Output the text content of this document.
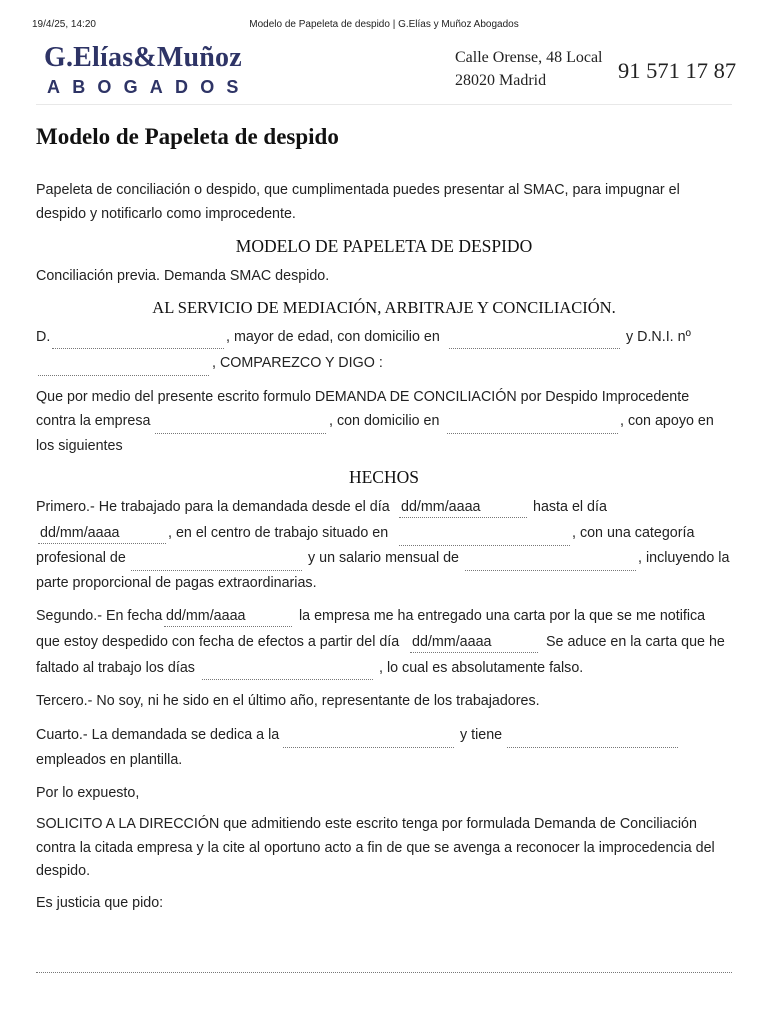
19/4/25, 14:20	Modelo de Papeleta de despido | G.Elías y Muñoz Abogados
G.Elías&Muñoz
ABOGADOS
Calle Orense, 48 Local
28020 Madrid	91 571 17 87
Modelo de Papeleta de despido
Papeleta de conciliación o despido, que cumplimentada puedes presentar al SMAC, para impugnar el
despido y notificarlo como improcedente.
MODELO DE PAPELETA DE DESPIDO
Conciliación previa. Demanda SMAC despido.
AL SERVICIO DE MEDIACIÓN, ARBITRAJE Y CONCILIACIÓN.
D.	, mayor de edad, con domicilio en	y D.N.I. nº
, COMPAREZCO Y DIGO :
Que por medio del presente escrito formulo DEMANDA DE CONCILIACIÓN por Despido Improcedente
contra la empresa	, con domicilio en	, con apoyo en
los siguientes
HECHOS
Primero.- He trabajado para la demandada desde el día dd/mm/aaaa	hasta el día
dd/mm/aaaa	, en el centro de trabajo situado en	, con una categoría
profesional de	y un salario mensual de	, incluyendo la
parte proporcional de pagas extraordinarias.
Segundo.- En fecha dd/mm/aaaa	la empresa me ha entregado una carta por la que se me notifica
que estoy despedido con fecha de efectos a partir del día dd/mm/aaaa	Se aduce en la carta que he
faltado al trabajo los días	, lo cual es absolutamente falso.
Tercero.- No soy, ni he sido en el último año, representante de los trabajadores.
Cuarto.- La demandada se dedica a la	y tiene
empleados en plantilla.
Por lo expuesto,
SOLICITO A LA DIRECCIÓN que admitiendo este escrito tenga por formulada Demanda de Conciliación
contra la citada empresa y la cite al oportuno acto a fin de que se avenga a reconocer la improcedencia del
despido.
Es justicia que pido:
